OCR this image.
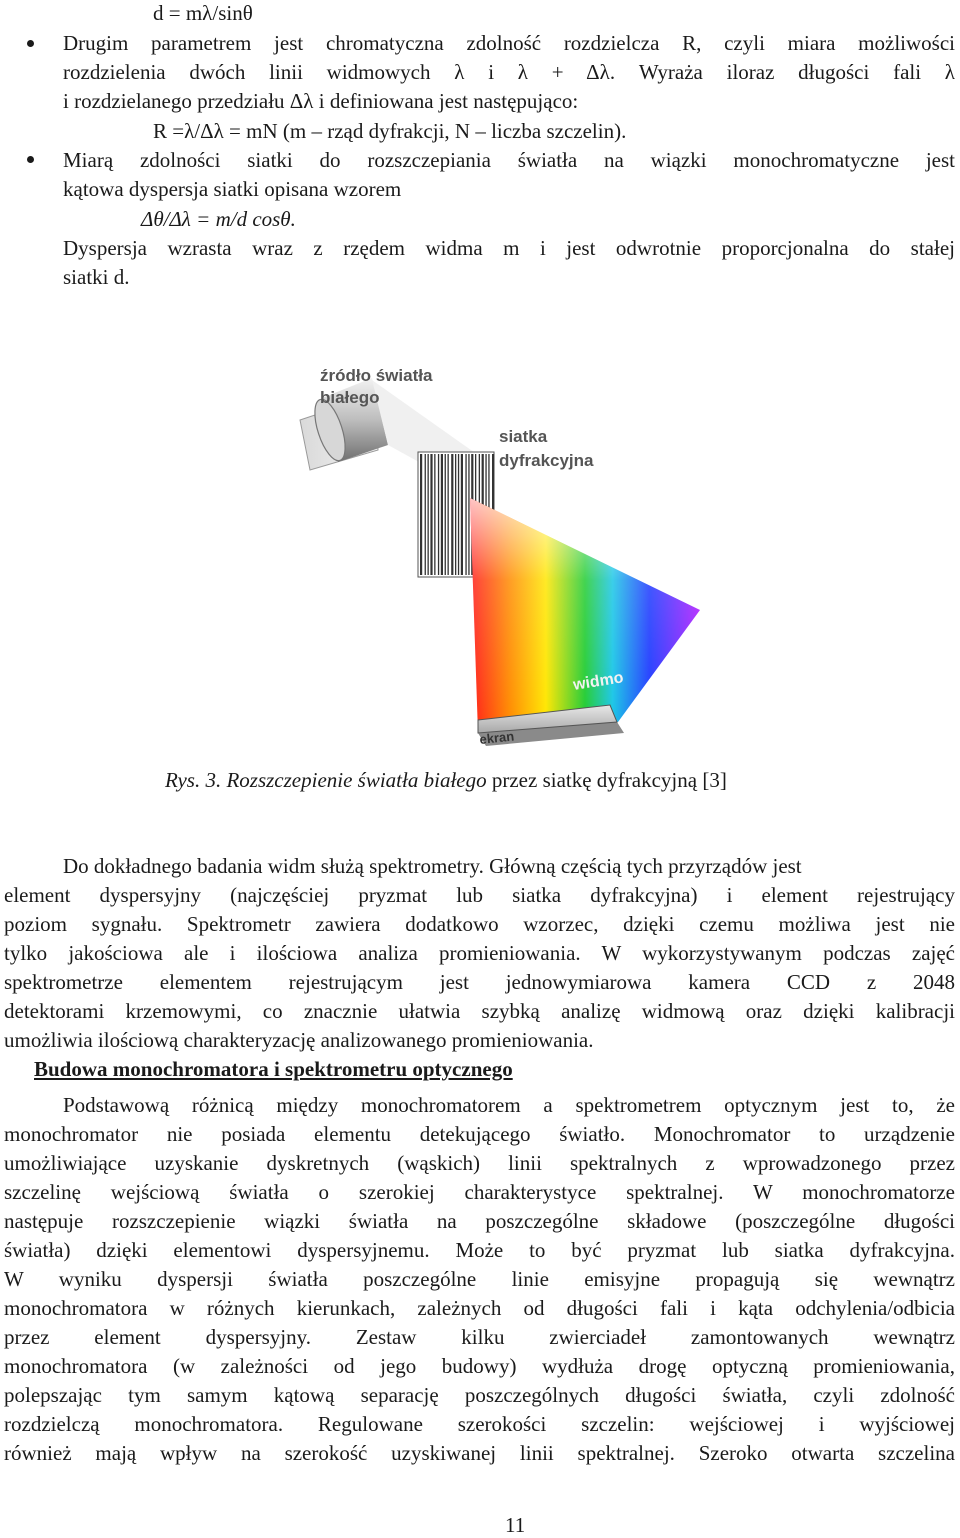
d = mλ/sinθ
Drugim parametrem jest chromatyczna zdolność rozdzielcza R, czyli miara możliwości
rozdzielenia dwóch linii widmowych λ i λ + Δλ. Wyraża iloraz długości fali λ
i rozdzielanego przedziału Δλ i definiowana jest następująco:
R =λ/Δλ = mN (m – rząd dyfrakcji, N – liczba szczelin).
Miarą zdolności siatki do rozszczepiania światła na wiązki monochromatyczne jest
kątowa dyspersja siatki opisana wzorem
Δθ/Δλ = m/d cosθ.
Dyspersja wzrasta wraz z rzędem widma m i jest odwrotnie proporcjonalna do stałej
siatki d.
źródło światła
białego
siatka
dyfrakcyjna
widmo
ekran
Rys. 3. Rozszczepienie światła białego przez siatkę dyfrakcyjną [3]
Do dokładnego badania widm służą spektrometry. Główną częścią tych przyrządów jest
element dyspersyjny (najczęściej pryzmat lub siatka dyfrakcyjna) i element rejestrujący
poziom sygnału. Spektrometr zawiera dodatkowo wzorzec, dzięki czemu możliwa jest nie
tylko jakościowa ale i ilościowa analiza promieniowania. W wykorzystywanym podczas zajęć
spektrometrze elementem rejestrującym jest jednowymiarowa kamera CCD z 2048
detektorami krzemowymi, co znacznie ułatwia szybką analizę widmową oraz dzięki kalibracji
umożliwia ilościową charakteryzację analizowanego promieniowania.
Budowa monochromatora i spektrometru optycznego
Podstawową różnicą między monochromatorem a spektrometrem optycznym jest to, że
monochromator nie posiada elementu detekującego światło. Monochromator to urządzenie
umożliwiające uzyskanie dyskretnych (wąskich) linii spektralnych z wprowadzonego przez
szczelinę wejściową światła o szerokiej charakterystyce spektralnej. W monochromatorze
następuje rozszczepienie wiązki światła na poszczególne składowe (poszczególne długości
światła) dzięki elementowi dyspersyjnemu. Może to być pryzmat lub siatka dyfrakcyjna.
W wyniku dyspersji światła poszczególne linie emisyjne propagują się wewnątrz
monochromatora w różnych kierunkach, zależnych od długości fali i kąta odchylenia/odbicia
przez element dyspersyjny. Zestaw kilku zwierciadeł zamontowanych wewnątrz
monochromatora (w zależności od jego budowy) wydłuża drogę optyczną promieniowania,
polepszając tym samym kątową separację poszczególnych długości światła, czyli zdolność
rozdzielczą monochromatora. Regulowane szerokości szczelin: wejściowej i wyjściowej
również mają wpływ na szerokość uzyskiwanej linii spektralnej. Szeroko otwarta szczelina
11
